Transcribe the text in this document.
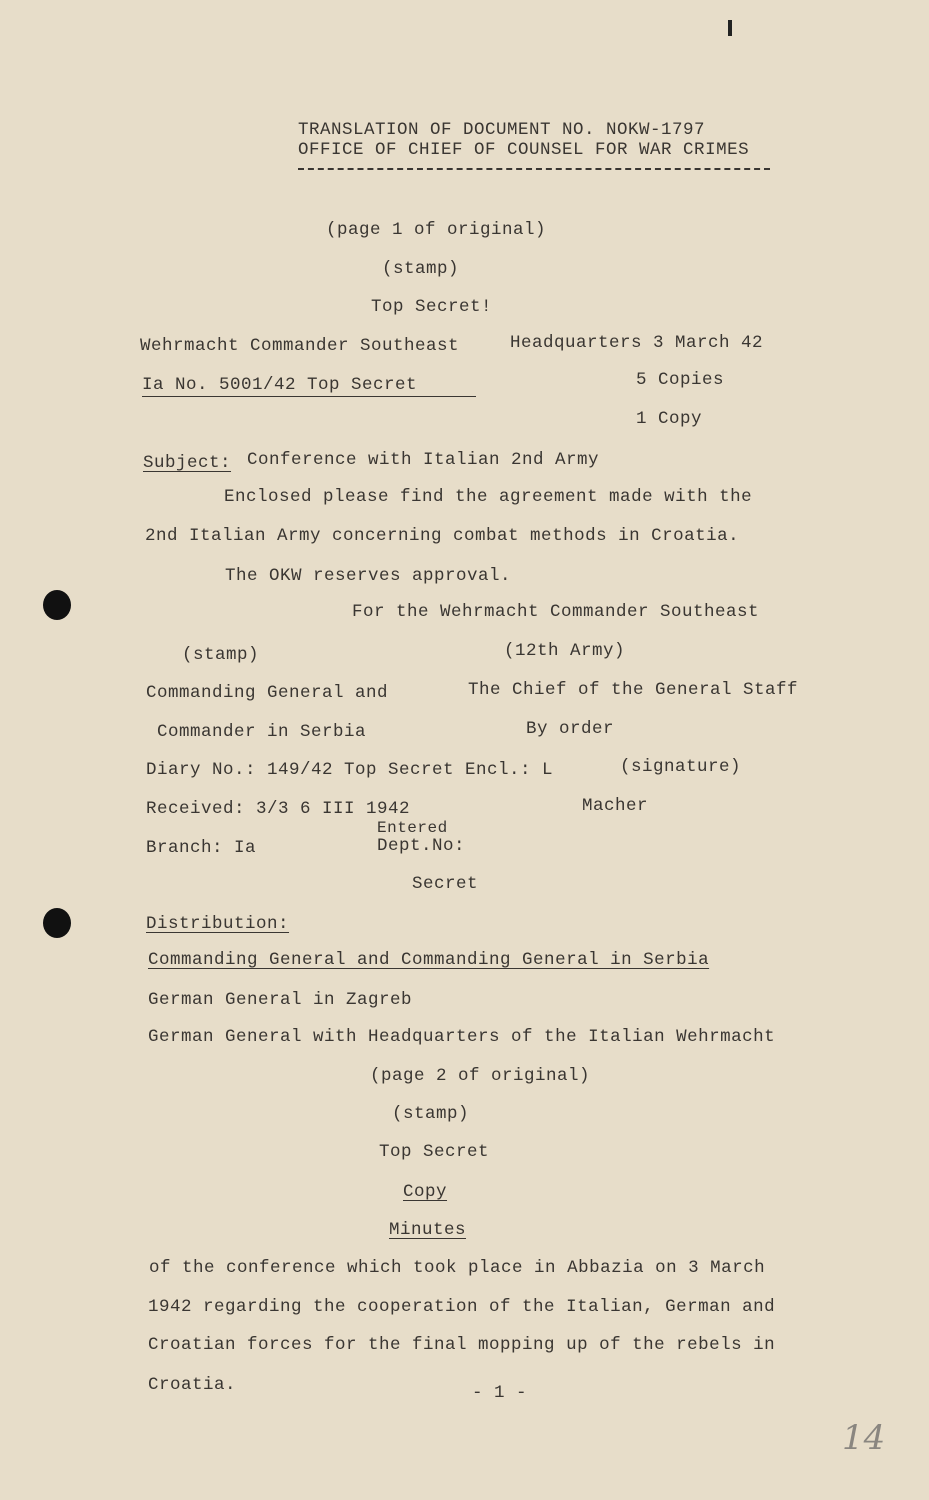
TRANSLATION OF DOCUMENT NO. NOKW-1797
OFFICE OF CHIEF OF COUNSEL FOR WAR CRIMES
(page 1 of original)
(stamp)
Top Secret!
Wehrmacht Commander Southeast	Headquarters 3 March 42
Ia No. 5001/42 Top Secret	5 Copies
1 Copy
Subject: Conference with Italian 2nd Army
Enclosed please find the agreement made with the
2nd Italian Army concerning combat methods in Croatia.
The OKW reserves approval.
For the Wehrmacht Commander Southeast
(stamp)	(12th Army)
Commanding General and	The Chief of the General Staff
Commander in Serbia	By order
Diary No.: 149/42 Top Secret Encl.: L	(signature)
Received: 3/3 6 III 1942	Macher
Entered
Branch: Ia	Dept.No:
Secret
Distribution:
Commanding General and Commanding General in Serbia
German General in Zagreb
German General with Headquarters of the Italian Wehrmacht
(page 2 of original)
(stamp)
Top Secret
Copy
Minutes
of the conference which took place in Abbazia on 3 March
1942 regarding the cooperation of the Italian, German and
Croatian forces for the final mopping up of the rebels in
Croatia.	- 1 -
14
